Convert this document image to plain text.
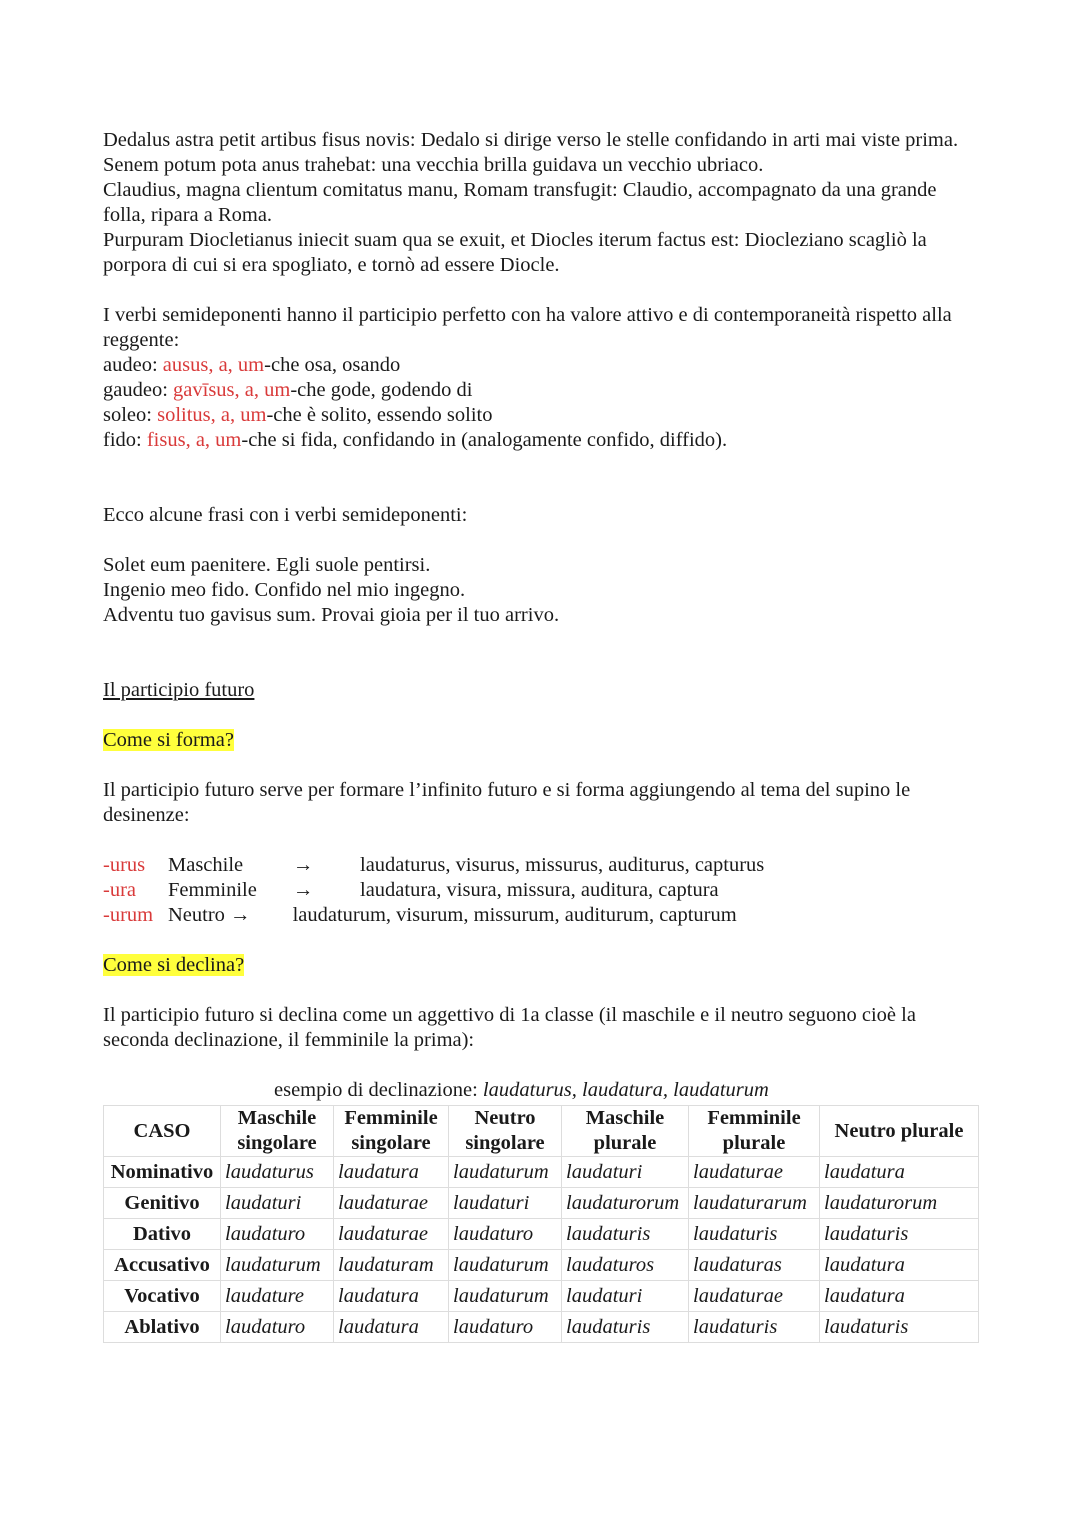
Dedalus astra petit artibus fisus novis: Dedalo si dirige verso le stelle confidando in arti mai viste prima.

Senem potum pota anus trahebat: una vecchia brilla guidava un vecchio ubriaco.

Claudius, magna clientum comitatus manu, Romam transfugit: Claudio, accompagnato da una grande folla, ripara a Roma.

Purpuram Diocletianus iniecit suam qua se exuit, et Diocles iterum factus est: Diocleziano scagliò la porpora di cui si era spogliato, e tornò ad essere Diocle.

I verbi semideponenti hanno il participio perfetto con ha valore attivo e di contemporaneità rispetto alla reggente:

audeo: ausus, a, um-che osa, osando

gaudeo: gavīsus, a, um-che gode, godendo di

soleo: solitus, a, um-che è solito, essendo solito

fido: fisus, a, um-che si fida, confidando in (analogamente confido, diffido).

Ecco alcune frasi con i verbi semideponenti:

Solet eum paenitere. Egli suole pentirsi.

Ingenio meo fido. Confido nel mio ingegno.

Adventu tuo gavisus sum. Provai gioia per il tuo arrivo.

Il participio futuro

Come si forma?

Il participio futuro serve per formare l’infinito futuro e si forma aggiungendo al tema del supino le desinenze:

-urus	Maschile	→	laudaturus, visurus, missurus, auditurus, capturus
-ura	Femminile	→	laudatura, visura, missura, auditura, captura
-urum	Neutro → laudaturum, visurum, missurum, auditurum, capturum		

Come si declina?

Il participio futuro si declina come un aggettivo di 1a classe (il maschile e il neutro seguono cioè la seconda declinazione, il femminile la prima):

esempio di declinazione: laudaturus, laudatura, laudaturum

CASO	Maschile singolare	Femminile singolare	Neutro singolare	Maschile plurale	Femminile plurale	Neutro plurale
Nominativo	laudaturus	laudatura	laudaturum	laudaturi	laudaturae	laudatura
Genitivo	laudaturi	laudaturae	laudaturi	laudaturorum	laudaturarum	laudaturorum
Dativo	laudaturo	laudaturae	laudaturo	laudaturis	laudaturis	laudaturis
Accusativo	laudaturum	laudaturam	laudaturum	laudaturos	laudaturas	laudatura
Vocativo	laudature	laudatura	laudaturum	laudaturi	laudaturae	laudatura
Ablativo	laudaturo	laudatura	laudaturo	laudaturis	laudaturis	laudaturis
